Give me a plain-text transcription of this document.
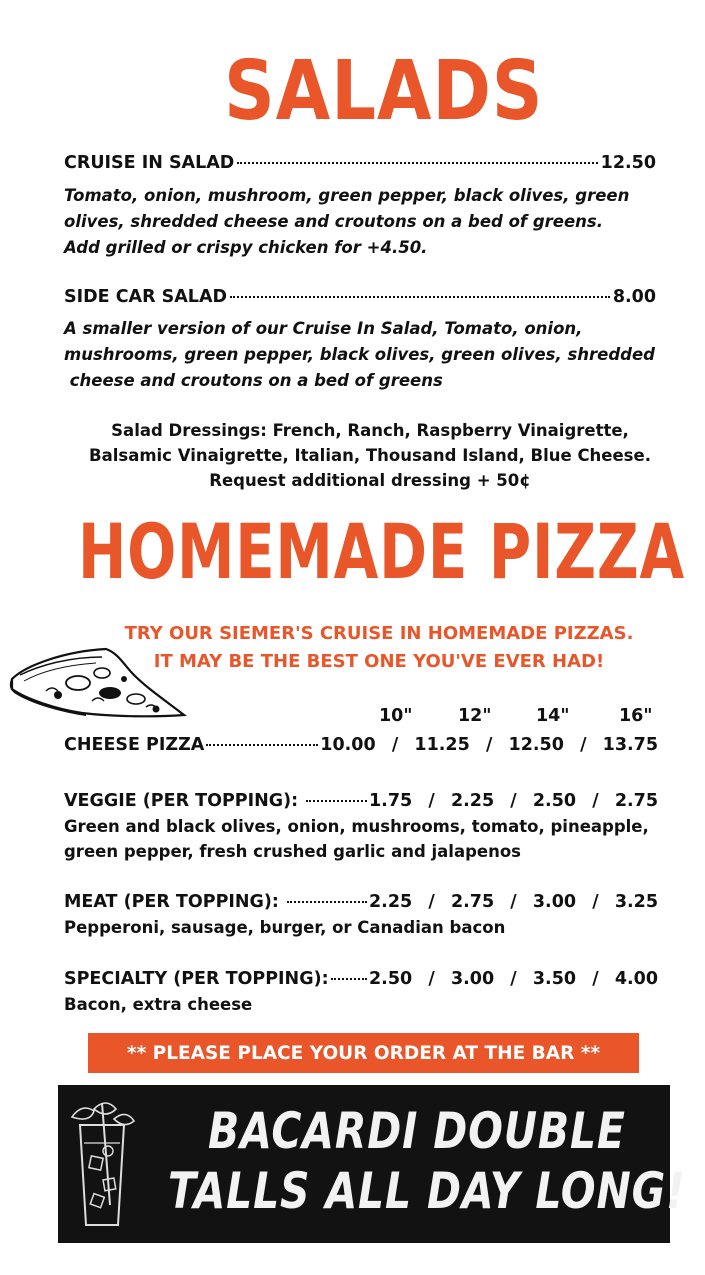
SALADS
CRUISE IN SALAD	12.50
Tomato, onion, mushroom, green pepper, black olives, green
olives, shredded cheese and croutons on a bed of greens.
Add grilled or crispy chicken for +4.50.
SIDE CAR SALAD	8.00
A smaller version of our Cruise In Salad, Tomato, onion,
mushrooms, green pepper, black olives, green olives, shredded
cheese and croutons on a bed of greens
Salad Dressings: French, Ranch, Raspberry Vinaigrette,
Balsamic Vinaigrette, Italian, Thousand Island, Blue Cheese.
Request additional dressing + 50¢
HOMEMADE PIZZA
TRY OUR SIEMER'S CRUISE IN HOMEMADE PIZZAS.
IT MAY BE THE BEST ONE YOU'VE EVER HAD!
10"	12"	14"	16"
CHEESE PIZZA	10.00  /  11.25  /  12.50  /  13.75
VEGGIE (PER TOPPING):	1.75  /  2.25  /  2.50  /  2.75
Green and black olives, onion, mushrooms, tomato, pineapple,
green pepper, fresh crushed garlic and jalapenos
MEAT (PER TOPPING):	2.25  /  2.75  /  3.00  /  3.25
Pepperoni, sausage, burger, or Canadian bacon
SPECIALTY (PER TOPPING): 2.50  /  3.00  /  3.50  /  4.00
Bacon, extra cheese
** PLEASE PLACE YOUR ORDER AT THE BAR **
BACARDI DOUBLE
TALLS ALL DAY LONG!
